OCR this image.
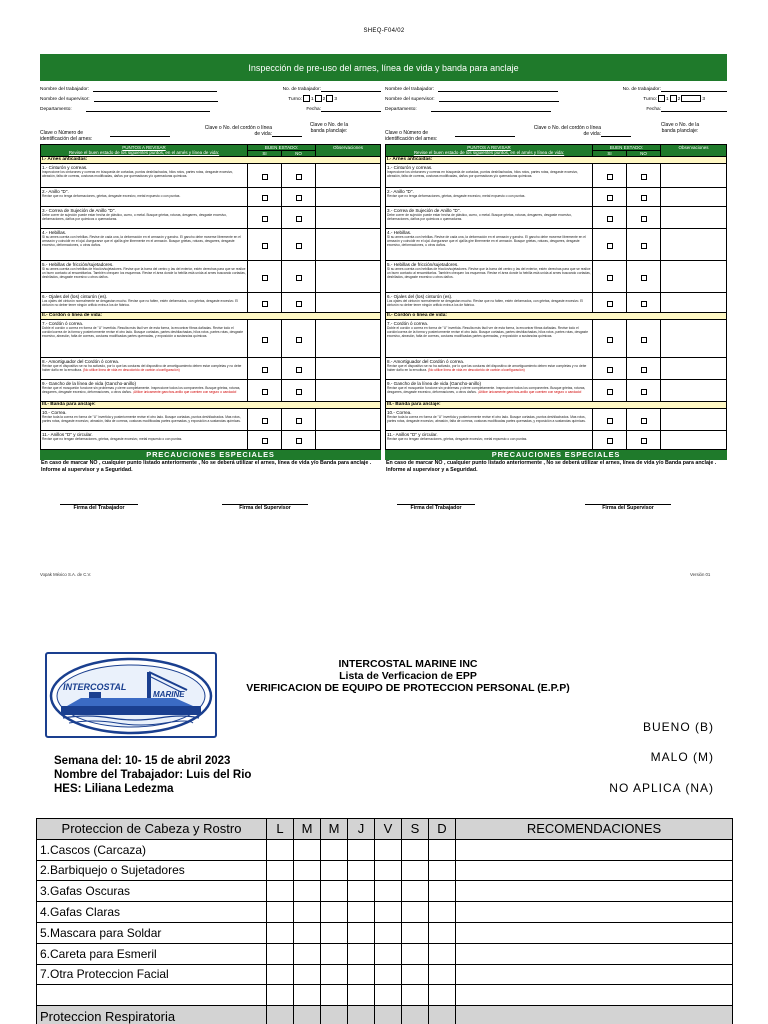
SHEQ-F04/02
Inspección de pre-uso del arnes, línea de vida y banda para anclaje
Nombre del trabajador:	No. de trabajador:
Nombre del supervisor:	Turno: 1 2 3
Departamento:	Fecha:
Clave o Número de identificación del arnes:
Clave o No. del cordón o línea de vida:
Clave o No. de la banda p/anclaje:
PUNTOS A REVISAR
Revise el buen estado de los siguientes puntos, en el arnés y línea de vida:	BUEN ESTADO:		Observaciones
	SI	NO	
I.- Arnes anticaidas:			

1.- Cinturón y correas.
Inspeccione los cinturones y correas en búsqueda de cortadas, puntos deshilachados, hilos rotos, partes rotas, desgaste excesivo, abrasión, falta de correas, costuras modificadas, daños por quemaduras y/o quemaduras químicas.			

2.- Anillo "D".
Revise que no tenga deformaciones, grietas, desgaste excesivo, metal expuesto o con puntas.			

3.- Correa de Sujeción de Anillo "D".
Debe correr de sujeción puede estar hecha de plástico, cuero, o metal. Busque grietas, roturas, desgarres, desgaste excesivo, deformaciones, daños por químicos o quemaduras.			

4.- Hebillas.
Si su arnes cuenta con hebillas. Revise de cada una, la deformación en el armazón y gancho. El gancho debe moverse libremente en el armazón y coincidir en el ojal. Asegurarse que el ojal/la gire libremente en el armazón. Busque grietas, roturas, desgarres, desgaste excesivo, deformaciones, u otros daños.			

5.- Hebillas de fricción/sujetadores.
Si su arnes cuenta con hebillas de fricción/sujetadores. Revise que la barra del centro y las del exterior, estén derechas para que se realice un buen contacto al ensamblarlos. También chequen los esquemas. Revise el área donde la hebilla está unida al arnes buscando cortadas, deshilados, desgaste excesivo u otros daños.			

6.- Ojales del (los) cinturón (es).
Los ojales del cinturón normalmente se desgastan mucho. Revise que no falten, estén deformados, con grietas, desgaste excesivo. El cinturón no deber tener ningún orificio extra a los de fábrica.			
II.- Cordón o línea de vida:			

7.- Cordón ó correa.
Doble el cordón o correa en forma de "U" invertida. Resulta más fácil ver de esta forma, la encontrar fibras dañadas. Revise todo el cordón/correa de la forma y posteriormente revise el otro lado. Busque cortadas, partes deshilachadas, hilos rotos, partes rotas, desgaste excesivo, abrasión, falta de correas, costuras modificadas partes quemadas, y exposición a sustancias químicas.			

8.- Amortiguador del Cordón ó correa.
Revise que el dispositivo se no ha activado, por lo que las costuras del dispositivo de amortiguamiento deben estar completas y no debe haber daño en la envoltura. (No utilice línea de vida en descolorido de carbón o/configuración)			

9.- Gancho de la línea de vida (Gancho-anillo)
Revise que el mosquetón funcione sin problemas y cierre completamente. Inspeccione todos los componentes. Busque grietas, roturas, desgarres, desgaste excesivo, deformaciones, u otros daños. ¡Utilice únicamente ganchos-anillo que cuenten con seguro o candado!			
III.- Banda para anclaje:			

10.- Correa.
Revise toda la correa en forma de "U" invertida y posteriormente revise el otro lado. Busque cortadas, puntos deshilachados. Mas rotos, partes rotas, desgaste excesivo, abrasión, falta de correas, costuras modificadas partes quemadas, y exposición a sustancias químicas.			

11.- Anillos "D" y circular.
Revise que no tengan deformaciones, grietas, desgaste excesivo, metal expuesto o con puntas.			
PRECAUCIONES ESPECIALES
En caso de marcar NO , cualquier punto listado anteriormente , No se deberá utilizar el arnes, línea de vida y/o Banda para anclaje . Informe al supervisor y a Seguridad.
Firma del Trabajador	Firma del Supervisor
Nombre del trabajador:	No. de trabajador:
Nombre del supervisor:	Turno: 1 2	3
Departamento:	Fecha:
Clave o Número de identificación del arnes:
Clave o No. del cordón o línea de vida:
Clave o No. de la banda p/anclaje:
PUNTOS A REVISAR
Revise el buen estado de los siguientes puntos, en el arnés y línea de vida:	BUEN ESTADO:		Observaciones
	SI	NO	
I.- Arnes anticaidas:			

1.- Cinturón y correas.
Inspeccione los cinturones y correas en búsqueda de cortadas, puntos deshilachados, hilos rotos, partes rotas, desgaste excesivo, abrasión, falta de correas, costuras modificadas, daños por quemaduras y/o quemaduras químicas.			

2.- Anillo "D".
Revise que no tenga deformaciones, grietas, desgaste excesivo, metal expuesto o con puntas.			

3.- Correa de Sujeción de Anillo "D".
Debe correr de sujeción puede estar hecha de plástico, cuero, o metal. Busque grietas, roturas, desgarres, desgaste excesivo, deformaciones, daños por químicos o quemaduras.			

4.- Hebillas.
Si su arnes cuenta con hebillas. Revise de cada una, la deformación en el armazón y gancho. El gancho debe moverse libremente en el armazón y coincidir en el ojal. Asegurarse que el ojal/la gire libremente en el armazón. Busque grietas, roturas, desgarres, desgaste excesivo, deformaciones, u otros daños.			

5.- Hebillas de fricción/sujetadores.
Si su arnes cuenta con hebillas de fricción/sujetadores. Revise que la barra del centro y las del exterior, estén derechas para que se realice un buen contacto al ensamblarlos. También chequen los esquemas. Revise el área donde la hebilla está unida al arnes buscando cortadas, deshilados, desgaste excesivo u otros daños.			

6.- Ojales del (los) cinturón (es).
Los ojales del cinturón normalmente se desgastan mucho. Revise que no falten, estén deformados, con grietas, desgaste excesivo. El cinturón no deber tener ningún orificio extra a los de fábrica.			
II.- Cordón o línea de vida:			

7.- Cordón ó correa.
Doble el cordón o correa en forma de "U" invertida. Resulta más fácil ver de esta forma, la encontrar fibras dañadas. Revise todo el cordón/correa de la forma y posteriormente revise el otro lado. Busque cortadas, partes deshilachadas, hilos rotos, partes rotas, desgaste excesivo, abrasión, falta de correas, costuras modificadas partes quemadas, y exposición a sustancias químicas.			

8.- Amortiguador del Cordón ó correa.
Revise que el dispositivo se no ha activado, por lo que las costuras del dispositivo de amortiguamiento deben estar completas y no debe haber daño en la envoltura. (No utilice línea de vida en descolorido de carbón o/configuración)			

9.- Gancho de la línea de vida (Gancho-anillo)
Revise que el mosquetón funcione sin problemas y cierre completamente. Inspeccione todos los componentes. Busque grietas, roturas, desgarres, desgaste excesivo, deformaciones, u otros daños. ¡Utilice únicamente ganchos-anillo que cuenten con seguro o candado!			
III.- Banda para anclaje:			

10.- Correa.
Revise toda la correa en forma de "U" invertida y posteriormente revise el otro lado. Busque cortadas, puntos deshilachados. Mas rotos, partes rotas, desgaste excesivo, abrasión, falta de correas, costuras modificadas partes quemadas, y exposición a sustancias químicas.			

11.- Anillos "D" y circular.
Revise que no tengan deformaciones, grietas, desgaste excesivo, metal expuesto o con puntas.			
PRECAUCIONES ESPECIALES
En caso de marcar NO , cualquier punto listado anteriormente , No se deberá utilizar el arnes, línea de vida y/o Banda para anclaje . Informe al supervisor y a Seguridad.
Firma del Trabajador	Firma del Supervisor
Vopak México S.A. de C.V.	Versión 01
INTERCOSTAL
MARINE
INTERCOSTAL MARINE INC
Lista de Verficacion de EPP
VERIFICACION DE EQUIPO DE PROTECCION PERSONAL (E.P.P)
Semana del: 10- 15 de abril 2023
Nombre del Trabajador: Luis del Rio
HES: Liliana Ledezma
BUENO (B)
MALO (M)
NO APLICA (NA)
Proteccion de Cabeza y Rostro	L	M	M	J	V	S	D	RECOMENDACIONES
1.Cascos (Carcaza)								
2.Barbiquejo o Sujetadores								
3.Gafas Oscuras								
4.Gafas Claras								
5.Mascara para Soldar								
6.Careta para Esmeril								
7.Otra Proteccion Facial								

Proteccion Respiratoria								
